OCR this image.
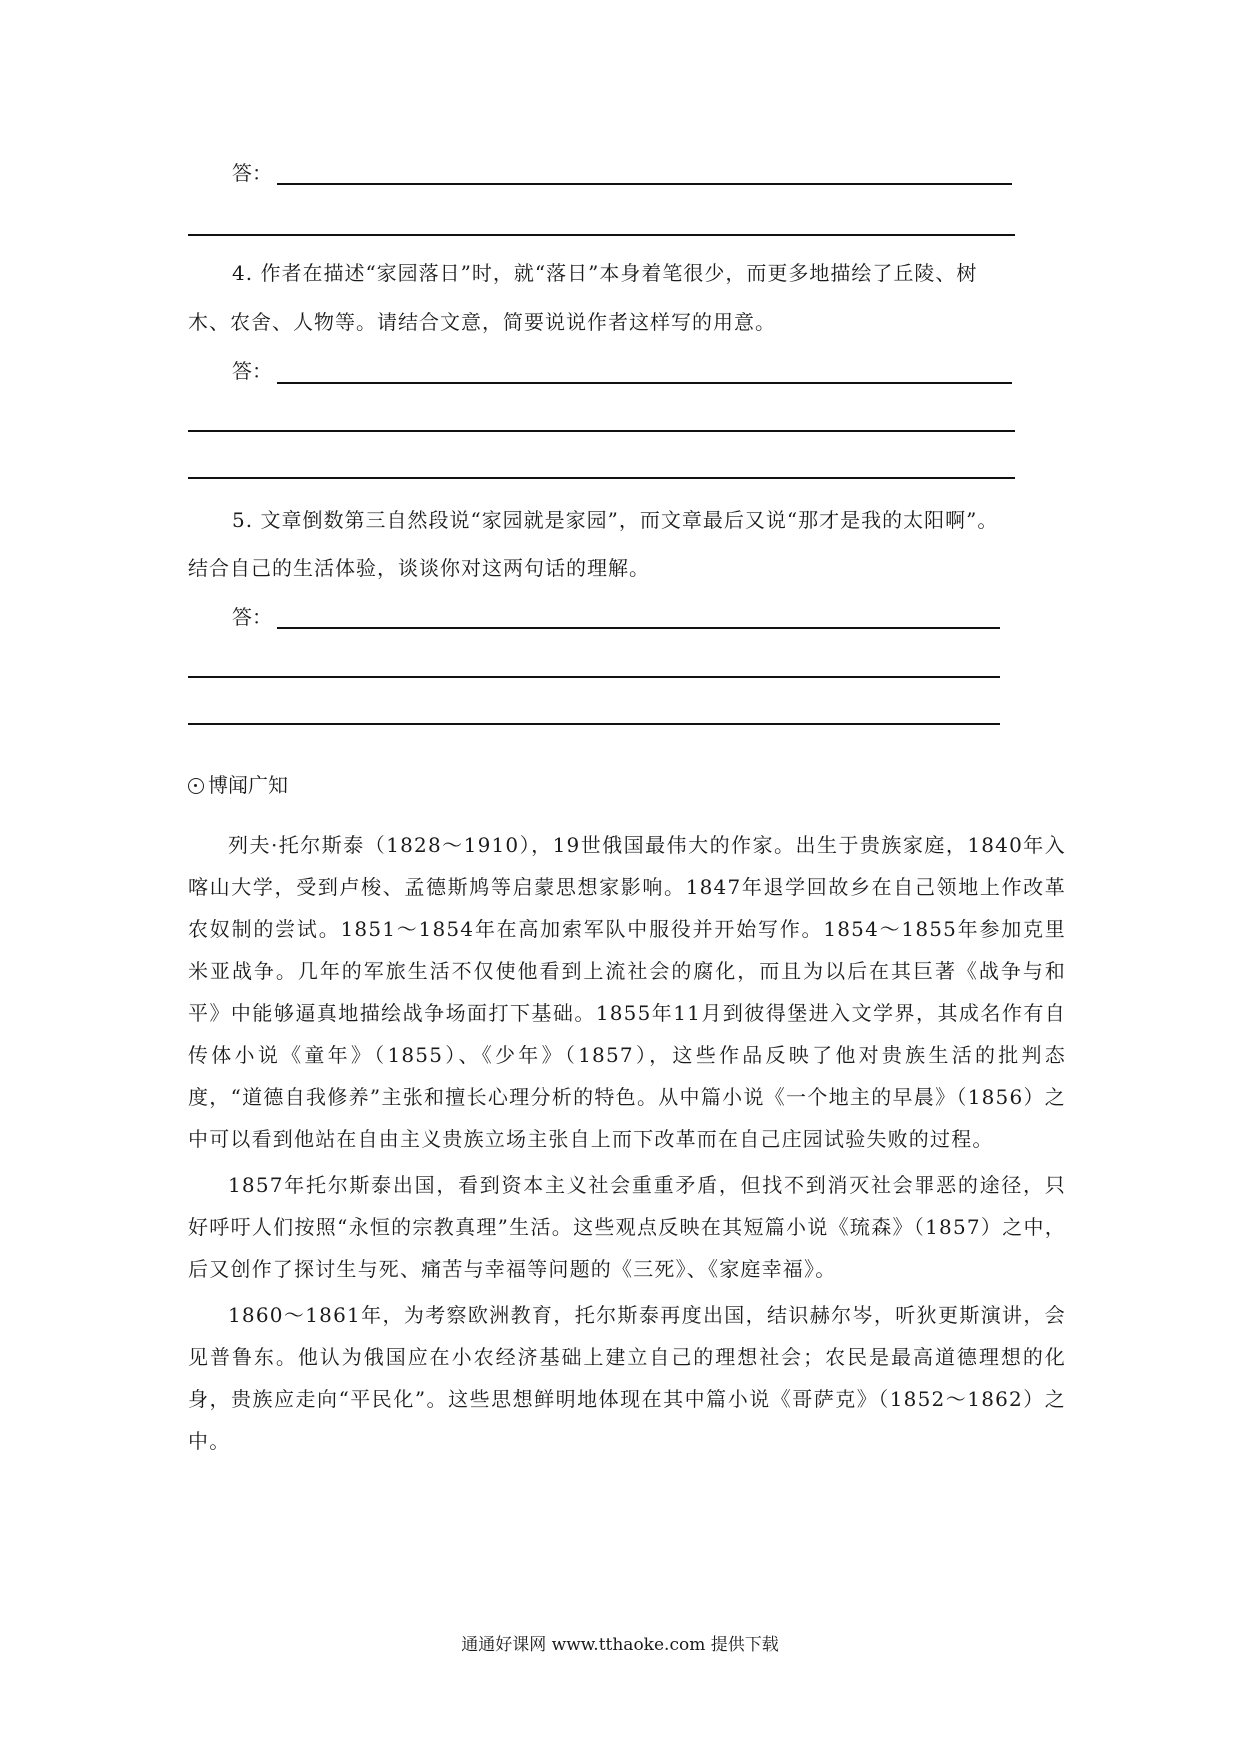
答：
4. 作者在描述“家园落日”时，就“落日”本身着笔很少，而更多地描绘了丘陵、树
木、农舍、人物等。请结合文意，简要说说作者这样写的用意。
答：
5. 文章倒数第三自然段说“家园就是家园”，而文章最后又说“那才是我的太阳啊”。
结合自己的生活体验，谈谈你对这两句话的理解。
答：
博闻广知

列夫·托尔斯泰（1828～1910），19世俄国最伟大的作家。出生于贵族家庭，1840年入喀山大学，受到卢梭、孟德斯鸠等启蒙思想家影响。1847年退学回故乡在自己领地上作改革农奴制的尝试。1851～1854年在高加索军队中服役并开始写作。1854～1855年参加克里米亚战争。几年的军旅生活不仅使他看到上流社会的腐化，而且为以后在其巨著《战争与和平》中能够逼真地描绘战争场面打下基础。1855年11月到彼得堡进入文学界，其成名作有自传体小说《童年》（1855）、《少年》（1857），这些作品反映了他对贵族生活的批判态度，“道德自我修养”主张和擅长心理分析的特色。从中篇小说《一个地主的早晨》（1856）之中可以看到他站在自由主义贵族立场主张自上而下改革而在自己庄园试验失败的过程。

1857年托尔斯泰出国，看到资本主义社会重重矛盾，但找不到消灭社会罪恶的途径，只好呼吁人们按照“永恒的宗教真理”生活。这些观点反映在其短篇小说《琉森》（1857）之中，后又创作了探讨生与死、痛苦与幸福等问题的《三死》、《家庭幸福》。

1860～1861年，为考察欧洲教育，托尔斯泰再度出国，结识赫尔岑，听狄更斯演讲，会见普鲁东。他认为俄国应在小农经济基础上建立自己的理想社会；农民是最高道德理想的化身，贵族应走向“平民化”。这些思想鲜明地体现在其中篇小说《哥萨克》（1852～1862）之中。

通通好课网 www.tthaoke.com 提供下载
